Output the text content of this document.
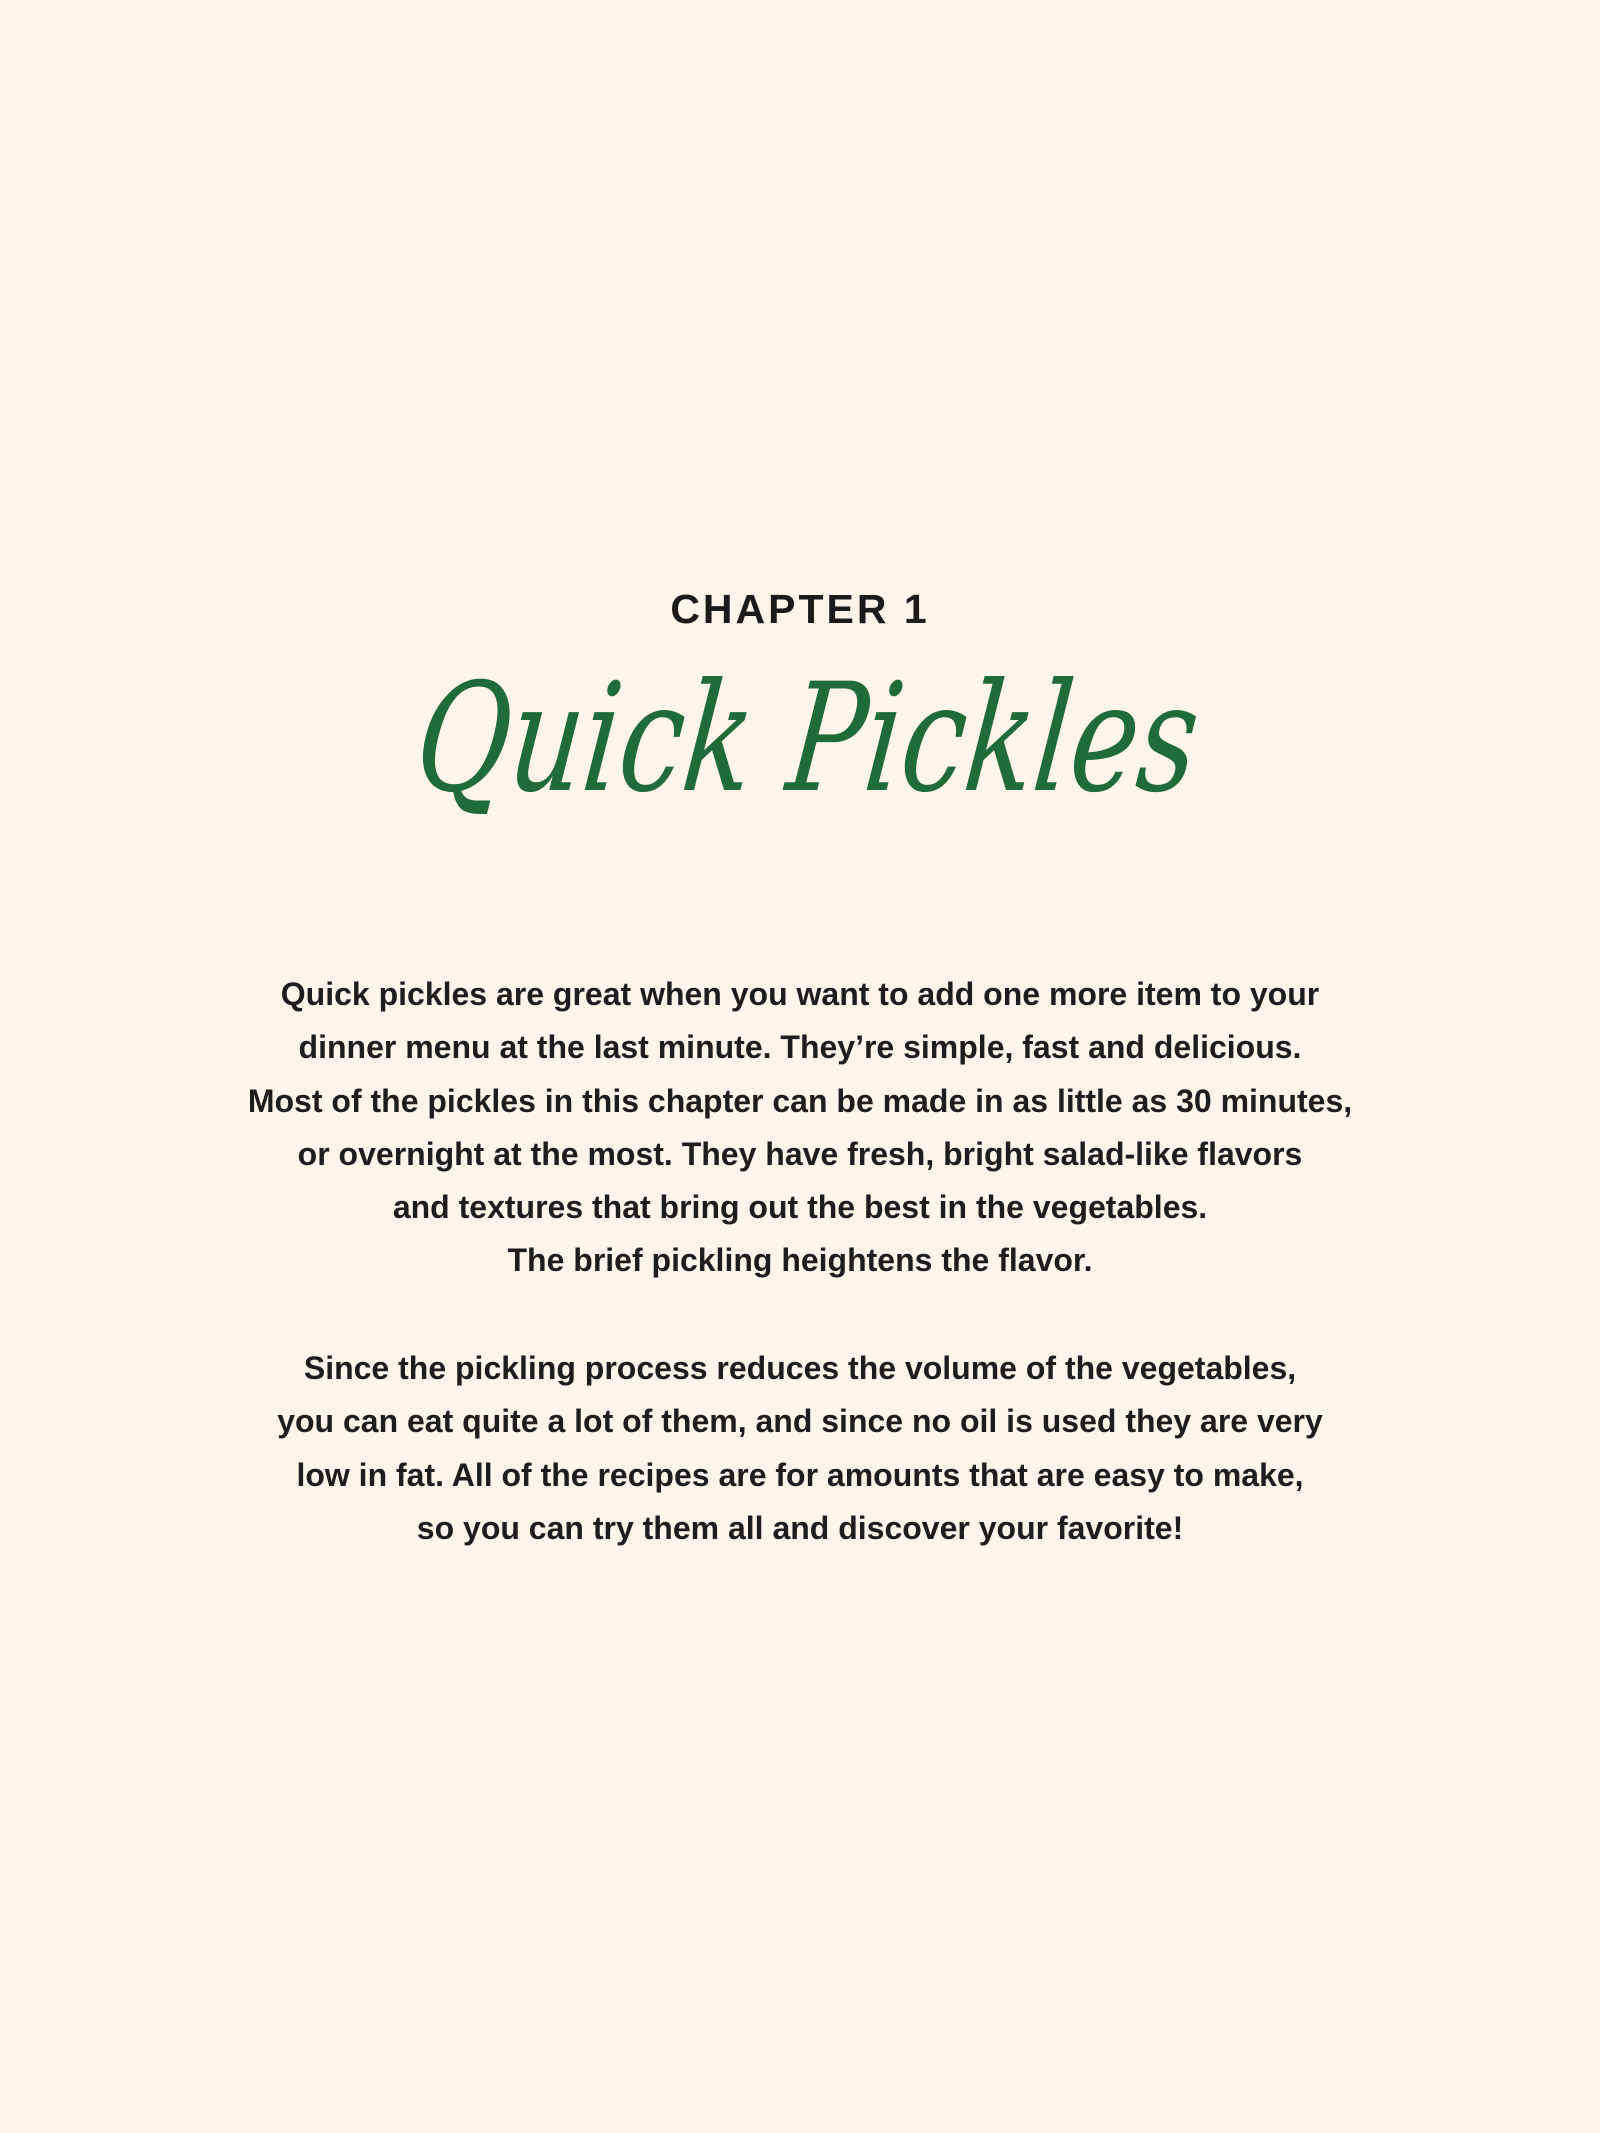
CHAPTER 1
Quick Pickles
Quick pickles are great when you want to add one more item to your
dinner menu at the last minute. They’re simple, fast and delicious.
Most of the pickles in this chapter can be made in as little as 30 minutes,
or overnight at the most. They have fresh, bright salad-like flavors
and textures that bring out the best in the vegetables.
The brief pickling heightens the flavor.
Since the pickling process reduces the volume of the vegetables,
you can eat quite a lot of them, and since no oil is used they are very
low in fat. All of the recipes are for amounts that are easy to make,
so you can try them all and discover your favorite!
